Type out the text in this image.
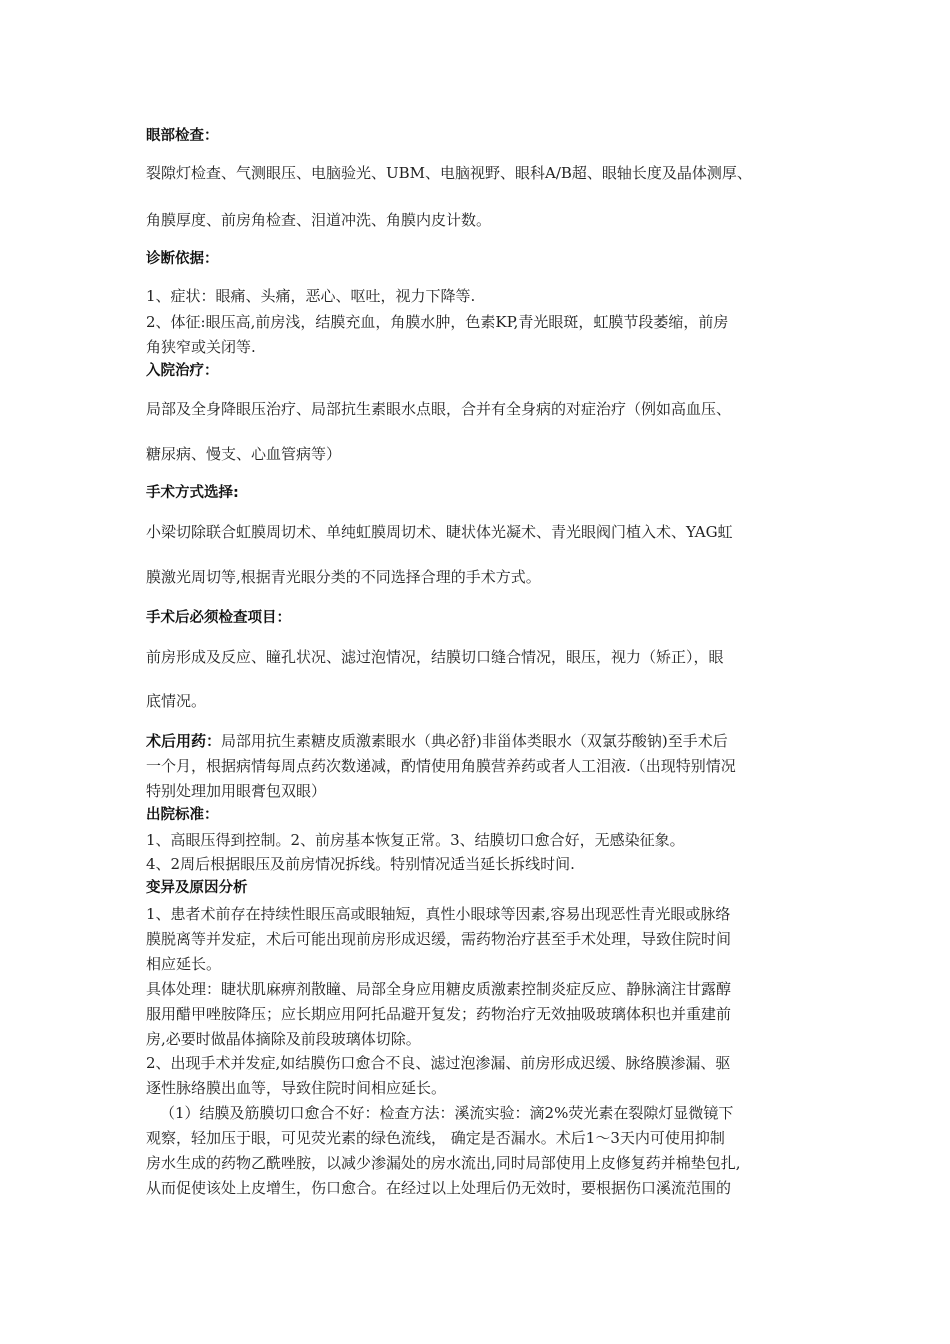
眼部检查：
裂隙灯检查、气测眼压、电脑验光、UBM、电脑视野、眼科A/B超、眼轴长度及晶体测厚、
角膜厚度、前房角检查、泪道冲洗、角膜内皮计数。
诊断依据：
1、症状：眼痛、头痛，恶心、呕吐，视力下降等.
2、体征:眼压高,前房浅，结膜充血，角膜水肿，色素KP,青光眼斑，虹膜节段萎缩，前房
角狭窄或关闭等.
入院治疗：
局部及全身降眼压治疗、局部抗生素眼水点眼，合并有全身病的对症治疗（例如高血压、
糖尿病、慢支、心血管病等）
手术方式选择:
小梁切除联合虹膜周切术、单纯虹膜周切术、睫状体光凝术、青光眼阀门植入术、YAG虹
膜激光周切等,根据青光眼分类的不同选择合理的手术方式。
手术后必须检查项目：
前房形成及反应、瞳孔状况、滤过泡情况，结膜切口缝合情况，眼压，视力（矫正），眼
底情况。
术后用药：局部用抗生素糖皮质激素眼水（典必舒)非甾体类眼水（双氯芬酸钠)至手术后
一个月，根据病情每周点药次数递减，酌情使用角膜营养药或者人工泪液.（出现特别情况
特别处理加用眼膏包双眼）
出院标准：
1、高眼压得到控制。2、前房基本恢复正常。3、结膜切口愈合好，无感染征象。
4、2周后根据眼压及前房情况拆线。特别情况适当延长拆线时间.
变异及原因分析
1、患者术前存在持续性眼压高或眼轴短，真性小眼球等因素,容易出现恶性青光眼或脉络
膜脱离等并发症，术后可能出现前房形成迟缓，需药物治疗甚至手术处理，导致住院时间
相应延长。
具体处理：睫状肌麻痹剂散瞳、局部全身应用糖皮质激素控制炎症反应、静脉滴注甘露醇
服用醋甲唑胺降压；应长期应用阿托品避开复发；药物治疗无效抽吸玻璃体积也并重建前
房,必要时做晶体摘除及前段玻璃体切除。
2、出现手术并发症,如结膜伤口愈合不良、滤过泡渗漏、前房形成迟缓、脉络膜渗漏、驱
逐性脉络膜出血等，导致住院时间相应延长。
（1）结膜及筋膜切口愈合不好：检查方法：溪流实验：滴2%荧光素在裂隙灯显微镜下
观察，轻加压于眼，可见荧光素的绿色流线， 确定是否漏水。术后1～3天内可使用抑制
房水生成的药物乙酰唑胺，以减少渗漏处的房水流出,同时局部使用上皮修复药并棉垫包扎,
从而促使该处上皮增生，伤口愈合。在经过以上处理后仍无效时，要根据伤口溪流范围的
